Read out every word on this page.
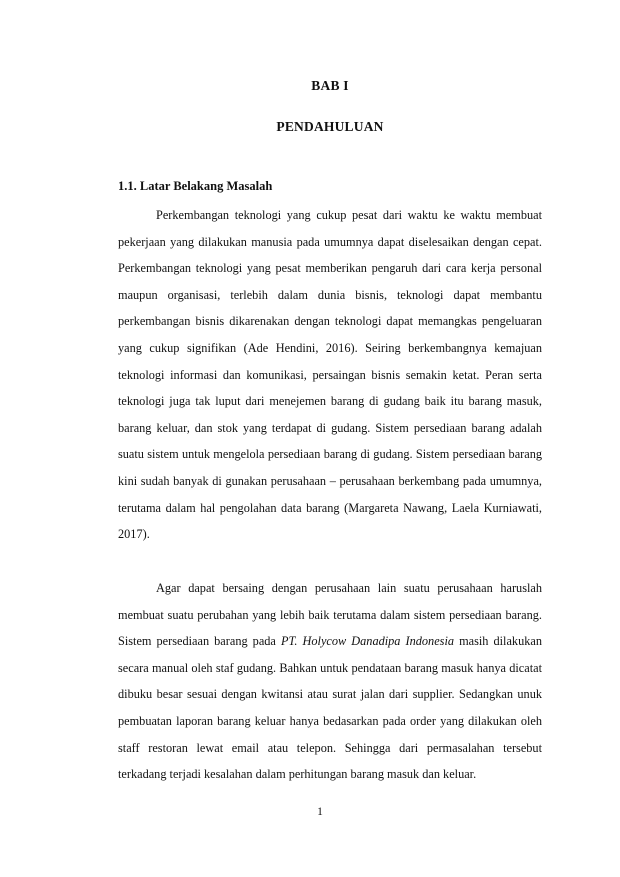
BAB I
PENDAHULUAN
1.1. Latar Belakang Masalah

Perkembangan teknologi yang cukup pesat dari waktu ke waktu membuat pekerjaan yang dilakukan manusia pada umumnya dapat diselesaikan dengan cepat. Perkembangan teknologi yang pesat memberikan pengaruh dari cara kerja personal maupun organisasi, terlebih dalam dunia bisnis, teknologi dapat membantu perkembangan bisnis dikarenakan dengan teknologi dapat memangkas pengeluaran yang cukup signifikan (Ade Hendini, 2016). Seiring berkembangnya kemajuan teknologi informasi dan komunikasi, persaingan bisnis semakin ketat. Peran serta teknologi juga tak luput dari menejemen barang di gudang baik itu barang masuk, barang keluar, dan stok yang terdapat di gudang. Sistem persediaan barang adalah suatu sistem untuk mengelola persediaan barang di gudang. Sistem persediaan barang kini sudah banyak di gunakan perusahaan – perusahaan berkembang pada umumnya, terutama dalam hal pengolahan data barang (Margareta Nawang, Laela Kurniawati, 2017).

Agar dapat bersaing dengan perusahaan lain suatu perusahaan haruslah membuat suatu perubahan yang lebih baik terutama dalam sistem persediaan barang. Sistem persediaan barang pada PT. Holycow Danadipa Indonesia masih dilakukan secara manual oleh staf gudang. Bahkan untuk pendataan barang masuk hanya dicatat dibuku besar sesuai dengan kwitansi atau surat jalan dari supplier. Sedangkan unuk pembuatan laporan barang keluar hanya bedasarkan pada order yang dilakukan oleh staff restoran lewat email atau telepon. Sehingga dari permasalahan tersebut terkadang terjadi kesalahan dalam perhitungan barang masuk dan keluar.

1
